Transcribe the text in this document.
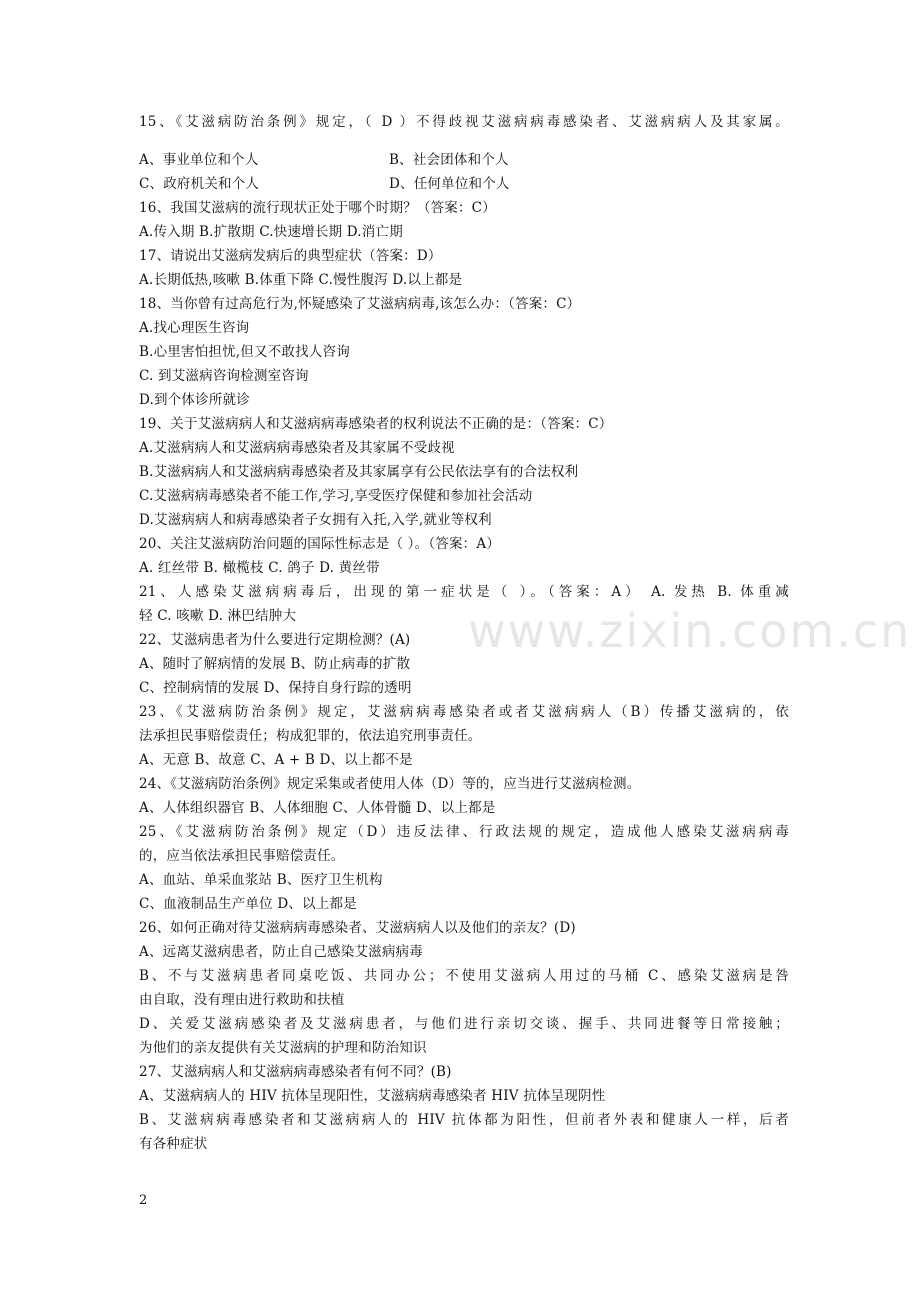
15、《艾滋病防治条例》规定，（ D ）不得歧视艾滋病病毒感染者、艾滋病病人及其家属。
A、事业单位和个人	B、社会团体和个人
C、政府机关和个人	D、任何单位和个人
16、我国艾滋病的流行现状正处于哪个时期？（答案：C）
A.传入期 B.扩散期 C.快速增长期 D.消亡期
17、请说出艾滋病发病后的典型症状（答案：D）
A.长期低热,咳嗽 B.体重下降 C.慢性腹泻 D.以上都是
18、当你曾有过高危行为,怀疑感染了艾滋病病毒,该怎么办：（答案：C）
A.找心理医生咨询
B.心里害怕担忧,但又不敢找人咨询
C. 到艾滋病咨询检测室咨询
D.到个体诊所就诊
19、关于艾滋病病人和艾滋病病毒感染者的权利说法不正确的是：（答案：C）
A.艾滋病病人和艾滋病病毒感染者及其家属不受歧视
B.艾滋病病人和艾滋病病毒感染者及其家属享有公民依法享有的合法权利
C.艾滋病病毒感染者不能工作,学习,享受医疗保健和参加社会活动
D.艾滋病病人和病毒感染者子女拥有入托,入学,就业等权利
20、关注艾滋病防治问题的国际性标志是（ ）。（答案：A）
A. 红丝带 B. 橄榄枝 C. 鸽子 D. 黄丝带
21、人感染艾滋病病毒后，出现的第一症状是（ ）。（答案：A） A. 发热 B. 体重减
轻 C. 咳嗽 D. 淋巴结肿大
22、艾滋病患者为什么要进行定期检测？(A)
A、随时了解病情的发展 B、防止病毒的扩散
C、控制病情的发展 D、保持自身行踪的透明
23、《艾滋病防治条例》规定，艾滋病病毒感染者或者艾滋病病人（B）传播艾滋病的，依
法承担民事赔偿责任；构成犯罪的，依法追究刑事责任。
A、无意 B、故意 C、A + B D、以上都不是
24、《艾滋病防治条例》规定采集或者使用人体（D）等的，应当进行艾滋病检测。
A、人体组织器官 B、人体细胞 C、人体骨髓 D、以上都是
25、《艾滋病防治条例》规定（D）违反法律、行政法规的规定，造成他人感染艾滋病病毒
的，应当依法承担民事赔偿责任。
A、血站、单采血浆站 B、医疗卫生机构
C、血液制品生产单位 D、以上都是
26、如何正确对待艾滋病病毒感染者、艾滋病病人以及他们的亲友？(D)
A、远离艾滋病患者，防止自己感染艾滋病病毒
B、不与艾滋病患者同桌吃饭、共同办公；不使用艾滋病人用过的马桶 C、感染艾滋病是咎
由自取，没有理由进行救助和扶植
D、关爱艾滋病感染者及艾滋病患者，与他们进行亲切交谈、握手、共同进餐等日常接触；
为他们的亲友提供有关艾滋病的护理和防治知识
27、艾滋病病人和艾滋病病毒感染者有何不同？(B)
A、艾滋病病人的 HIV 抗体呈现阳性，艾滋病病毒感染者 HIV 抗体呈现阴性
B、艾滋病病毒感染者和艾滋病病人的 HIV 抗体都为阳性，但前者外表和健康人一样，后者
有各种症状
www.zixin.com.cn
2
